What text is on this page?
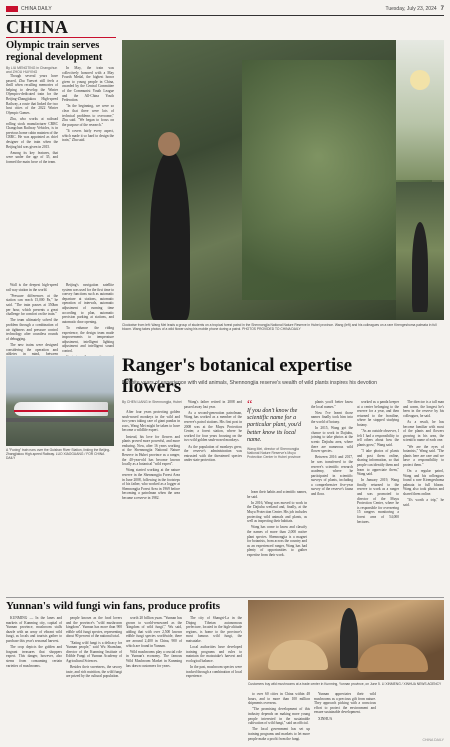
CHINA DAILY	Tuesday, July 23, 2024 7
CHINA
Olympic train serves regional development
By LIU MENGTING in Changchun and ZHOU HUIYING

Though several years have passed, Zhu Yuewei still feels a thrill when recalling memories of helping to develop the Winter Olympics-dedicated train for the Beijing-Zhangjiakou High-speed Railway, a route that linked the two host cities of the 2022 Winter Olympic Games.

Zhu, who works at railroad rolling stock manufacturer CRRC Changchun Railway Vehicles, is in previous home cabin mainten of the CRRC. He was appointed as chief designer of the train when the Beijing bid was given in 2015.

Among its key features, that were under the age of 35, and formed the main force of the team.

In May, the train was collectively honored with a May Fourth Medal, the highest honor given to young people in China, awarded by the Central Committee of the Communist Youth League and the All-China Youth Federation.

"In the beginning, we were so clear that there were lots of technical problems to overcome," Zhu said. "We began to focus on the purpose of the research."

"It covers fairly every aspect, which made it so hard to design the train," Zhu said.

Wall is the deepest high-speed rail way station in the world.

"Pressure differences at the station can reach 15,000 Pa," he said. "The train passes at 350km per hour, which presents a great challenge for comfort on the train."

The team ultimately solved the problem through a combination of air tightness and pressure control technology after countless rounds of debugging.

The new trains were designed considering the operation and athletes in mind, between

Beijing's navigation satellite system was used for the first time to convey functions such as automatic departure at stations, automatic operation of intervals, automatic adjustment of running time according to plan, automatic precision parking at stations, and automatic door opening.

To enhance the riding experience, the design team made improvements to temperature adjustment, intelligent lighting adjustment and intelligent sound control.

A "Fuxing" train runs over the Guishan River Station, linking the Beijing-Zhangjiakou High-speed Railway. LUO XIAOGUANG / FOR CHINA DAILY
Clockwise from left: Wang Mei leads a group of students on a tropical forest patrol in the Shennongjia National Nature Reserve in Hubei province. Wang (left) and his colleagues on a rare Kirengeshoma palmata in full bloom. Wang takes photos of a wild flower using his mobile phone during a patrol. PHOTOS PROVIDED TO CHINA DAILY
Ranger's botanical expertise flowers
Despite years of experience with wild animals, Shennongjia reserve's wealth of wild plants inspires his devotion
By CHEN LIANG in Shennongjia, Hubei

After four years protecting golden snub-nosed monkeys in the wild and two years taking care of giant pandas in zoos, Wang Mei might be taken to have become a wildlife expert.

Instead, his love for flowers and plants proved more powerful, and more enduring. Now, after 16 years working at the Shennongjia National Nature Reserve in Hubei province as a ranger, the 40-year-old has become known locally as a botanical "wild expert".

Wang started working at the nature reserve in the Shennongjia Forest Area in June 2008, following in the footsteps of his father, who worked as a logger at Shennongjia Forest Area in 1969 before becoming a patrolman when the area became a reserve in 1982.

Wang's father retired in 2008 and passed away last year.

As a second-generation patrolman, Wang has worked as a member of the reserve's patrol stations. His first post in 2008 was at the Muyu Protection Center, a forest station, where he worked for four years focusing on the two wild golden snub-nosed monkeys.

As the population of monkeys grew, the reserve's administration was entrusted with the threatened species under state protection.

“
If you don't know the scientific name for a particular plant, you'd better know its local name.
Wang Mei, director of Shennongjia National Nature Reserve's Muyu Protection Center in Hubei province

learn their habits and scientific names, he said.

In 2016, Wang was moved to work in the Dajiuhu wetland and, finally, at the Muyu Protection Center. His job includes protecting wild animals and plants, as well as inspecting their habitats.

Wang has come to know and classify the names of more than 2,000 native plant species. Shennongjia is a magnet for botanists, from across the country and as an experienced ranger, Wang has had plenty of opportunities to gather expertise from their work.

plants you'd better know the local names."

Now I've learnt those names finally took him into the world of botany.

In 2015, Wang got the chance to work in Dajiuhu, joining to take photos at the scenic Dajiuhu area, where there are numerous wild flower species.

Between 2016 and 2017, he was transferred to the reserve's scientific research academy, where he participated in scientific surveys of plants, including a comprehensive five-year survey of the reserve's fauna and flora.

worked as a panda keeper at a center belonging to the reserve for a year, and then returned to the frontline, where he stopped studying botany.

"As an outside observer, I felt I had a responsibility to tell others about how the plants grow," Wang said.

"I take photos of plants and post them online, sharing information, so that people can identify them and learn to appreciate them," Wang said.

In January 2019, Wang finally returned to the reserve to work as a ranger and was promoted to director of the Muyu Protection Center, where he is responsible for overseeing 15 rangers monitoring a forest area of 54,000 hectares.

The director is a tall man and warm, the longest he's been in the reserve by his colleagues, he said.

As a result, he has become familiar with most of the plants and flowers growing in his area, the scientific name of each one.

"We are the eyes of botanists," Wang said. "The plants here are rare and we have a responsibility to protect them."

On a regular patrol, Wang and his colleagues found a rare Kirengeshoma palmata in full bloom. Wang also took photos and shared them online.

"It's worth a trip," he said.

Yunnan's wild fungi win fans, produce profits

KUNMING — In the lanes and markets of Kunming city, capital of Yunnan province, mushroom stalls dazzle with an array of vibrant wild fungi, as locals and tourists gather to purchase this year's seasonal harvest.

The crop depicts the golden and fragrant treasures that shoppers expect. This danger, however, also stems from consuming certain varieties of mushrooms.

people known as the food lovers and the province's "wild mushroom kingdom". Yunnan has more than 900 edible wild fungi species, representing about 90 percent of the national total.

"Eating wild fungi is a delicacy for Yunnan people," said Wu Shanshan, director of the Kunming Institute of Edible Fungi of Yunnan Academy of Agricultural Sciences.

Besides their sweetness, the savory taste, and rich nutrition, the wild fungi are prized by the cultural population.

worth 20 billion yuan. "Yunnan has grown to world-renowned as the 'kingdom of wild fungi'," Wu said, adding that with over 2,500 known edible fungi species worldwide, there are around 2,400 in China, 900 of which are found in Yunnan.

Wild mushrooms play a crucial role in Yunnan's economy. The famous Wild Mushroom Market in Kunming has drawn customers for years.

The city of Shangri-La in the Diqing Tibetan autonomous prefecture, located in the high-altitude regions, is home to the province's most famous wild fungi, the matsutake.

Local authorities have developed training programs and rules to maintain the matsutake's harvest and ecological balance.

In the past, mushroom species were tracked through a combination of local experience.

Customers buy wild mushrooms at a trade center in Kunming, Yunnan province, on June 5. LI XINMENG / XINHUA NEWS AGENCY

to over 60 cities in China within 48 hours, and to more than 100 million shipments overseas.

"The promising development of this industry depends on making more young people interested in the sustainable cultivation of wild fungi," said an official.

The local government has set up training programs and markets to let more people make a profit from the fungi.

Yunnan appreciates their wild mushrooms as a precious gift from nature. They approach picking with a conscious effort to protect the environment and ensure sustainable development.

XINHUA

CHINA DAILY
